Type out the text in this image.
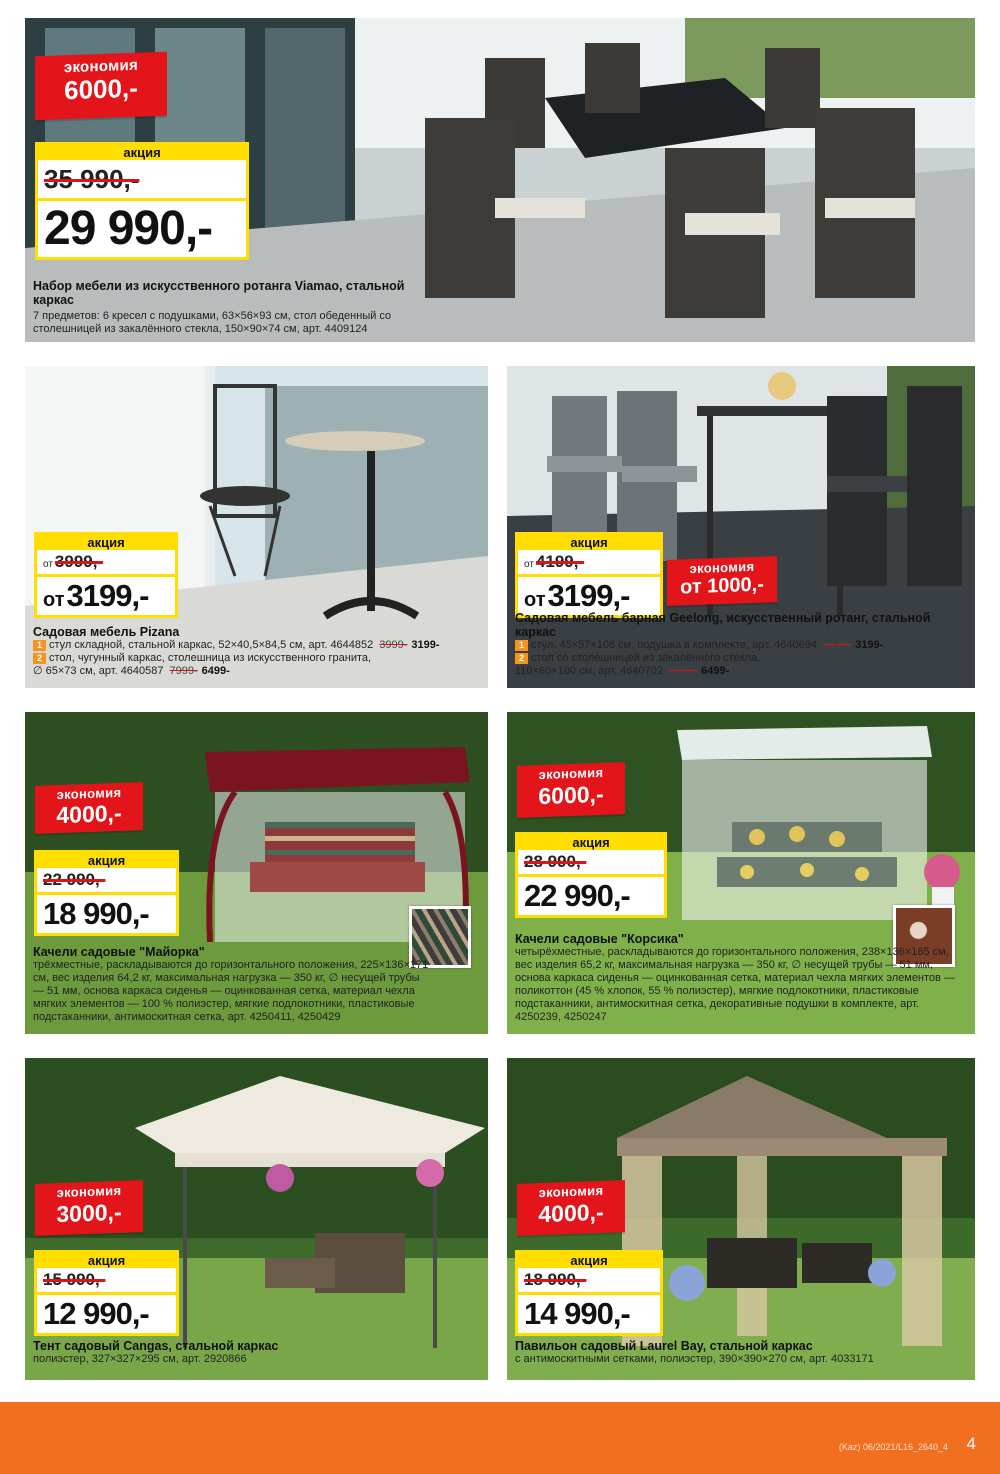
экономия
6000,-
акция
35 990,-
29 990,-
Набор мебели из искусственного ротанга Viamao, стальной каркас
7 предметов: 6 кресел с подушками, 63×56×93 см, стол обеденный со столешницей из закалённого стекла, 150×90×74 см, арт. 4409124
акция
от 3999,-
от3199,-
Садовая мебель Pizana
1 стул складной, стальной каркас, 52×40,5×84,5 см, арт. 4644852 3999- 3199-
2 стол, чугунный каркас, столешница из искусственного гранита,
∅ 65×73 см, арт. 4640587 7999- 6499-
акция
от 4199,-
от3199,-
экономия
от 1000,-
Садовая мебель барная Geelong, искусственный ротанг, стальной каркас
1 стул, 45×57×108 см, подушка в комплекте, арт. 4640694 4199- 3199-
2 стол со столешницей из закалённого стекла,
110×60×100 см, арт. 4640702 7999- 6499-
экономия
4000,-
акция
22 990,-
18 990,-
Качели садовые "Майорка"
трёхместные, раскладываются до горизонтального положения, 225×136×171 см, вес изделия 64,2 кг, максимальная нагрузка — 350 кг, ∅ несущей трубы — 51 мм, основа каркаса сиденья — оцинкованная сетка, материал чехла мягких элементов — 100 % полиэстер, мягкие подлокотники, пластиковые подстаканники, антимоскитная сетка, арт. 4250411, 4250429
экономия
6000,-
акция
28 990,-
22 990,-
Качели садовые "Корсика"
четырёхместные, раскладываются до горизонтального положения, 238×136×165 см, вес изделия 65,2 кг, максимальная нагрузка — 350 кг, ∅ несущей трубы — 51 мм, основа каркаса сиденья — оцинкованная сетка, материал чехла мягких элементов — поликоттон (45 % хлопок, 55 % полиэстер), мягкие подлокотники, пластиковые подстаканники, антимоскитная сетка, декоративные подушки в комплекте, арт. 4250239, 4250247
экономия
3000,-
акция
15 990,-
12 990,-
Тент садовый Cangas, стальной каркас
полиэстер, 327×327×295 см, арт. 2920866
экономия
4000,-
акция
18 990,-
14 990,-
Павильон садовый Laurel Bay, стальной каркас
с антимоскитными сетками, полиэстер, 390×390×270 см, арт. 4033171
(Kaz) 06/2021/L16_2640_4 4
